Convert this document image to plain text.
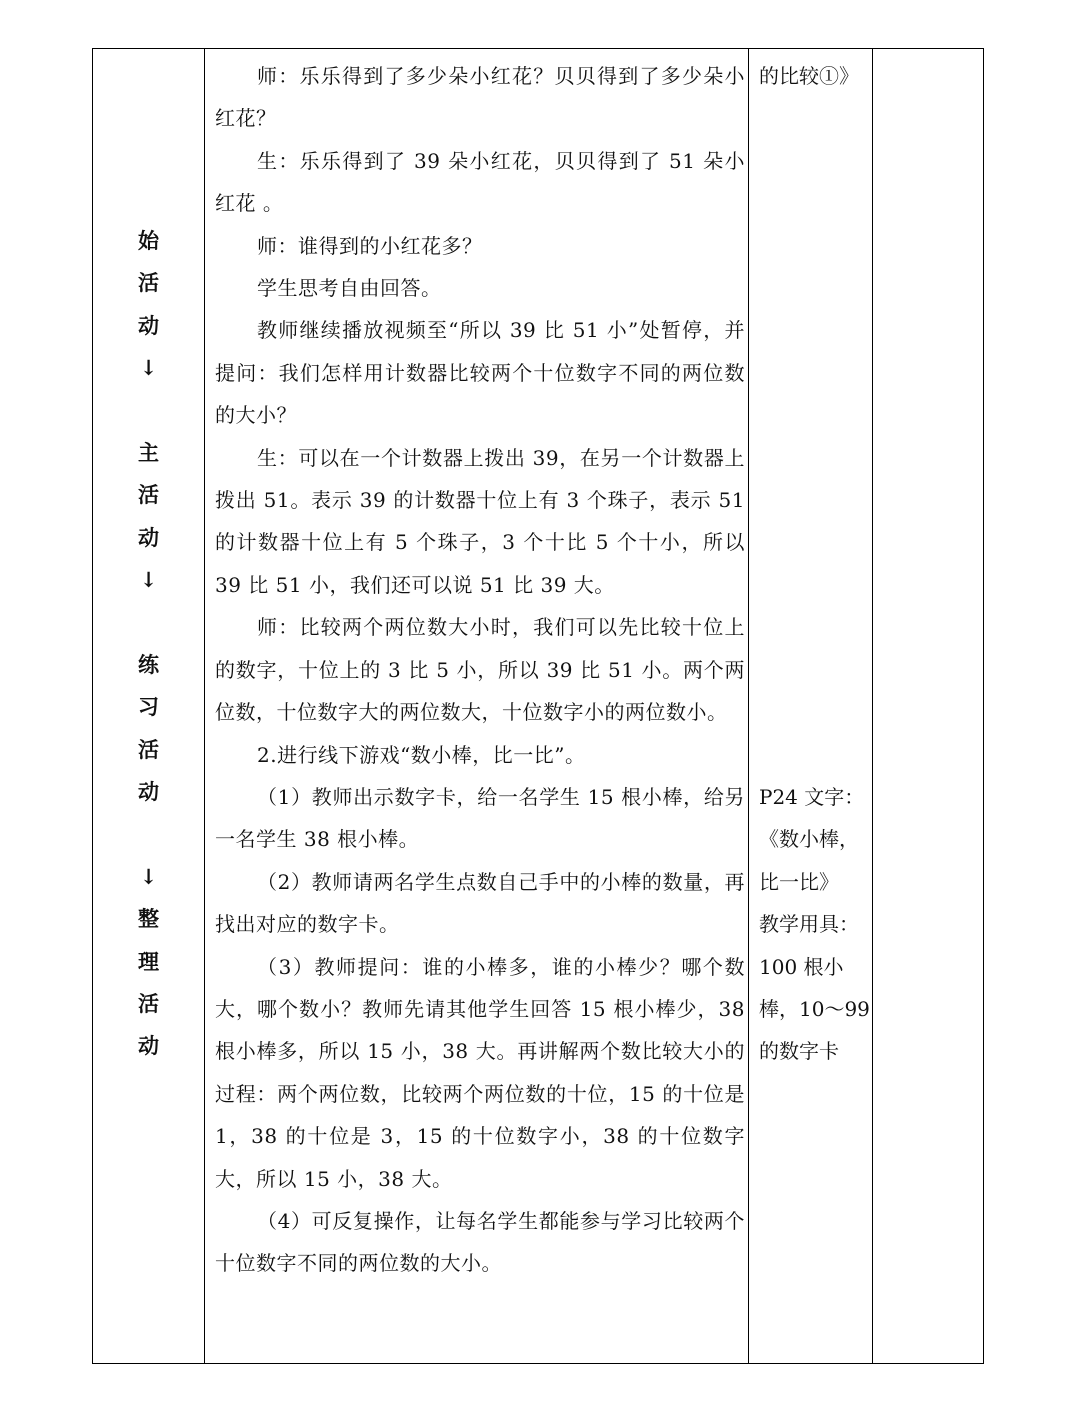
始
活
动
↓
主
活
动
↓
练
习
活
动
↓
整
理
活
动

师：乐乐得到了多少朵小红花？贝贝得到了多少朵小红花？

生：乐乐得到了 39 朵小红花，贝贝得到了 51 朵小红花 。

师：谁得到的小红花多？

学生思考自由回答。

教师继续播放视频至“所以 39 比 51 小”处暂停，并提问：我们怎样用计数器比较两个十位数字不同的两位数的大小？

生：可以在一个计数器上拨出 39，在另一个计数器上拨出 51。表示 39 的计数器十位上有 3 个珠子，表示 51 的计数器十位上有 5 个珠子，3 个十比 5 个十小，所以 39 比 51 小，我们还可以说 51 比 39 大。

师：比较两个两位数大小时，我们可以先比较十位上的数字，十位上的 3 比 5 小，所以 39 比 51 小。两个两位数，十位数字大的两位数大，十位数字小的两位数小。

2.进行线下游戏“数小棒，比一比”。

（1）教师出示数字卡，给一名学生 15 根小棒，给另一名学生 38 根小棒。

（2）教师请两名学生点数自己手中的小棒的数量，再找出对应的数字卡。

（3）教师提问：谁的小棒多，谁的小棒少？哪个数大，哪个数小？教师先请其他学生回答 15 根小棒少，38 根小棒多，所以 15 小，38 大。再讲解两个数比较大小的过程：两个两位数，比较两个两位数的十位，15 的十位是 1，38 的十位是 3，15 的十位数字小，38 的十位数字大，所以 15 小，38 大。

（4）可反复操作，让每名学生都能参与学习比较两个十位数字不同的两位数的大小。

的比较①》

P24 文字：

《数小棒，

比一比》

教学用具：

100 根小

棒，10～99

的数字卡
